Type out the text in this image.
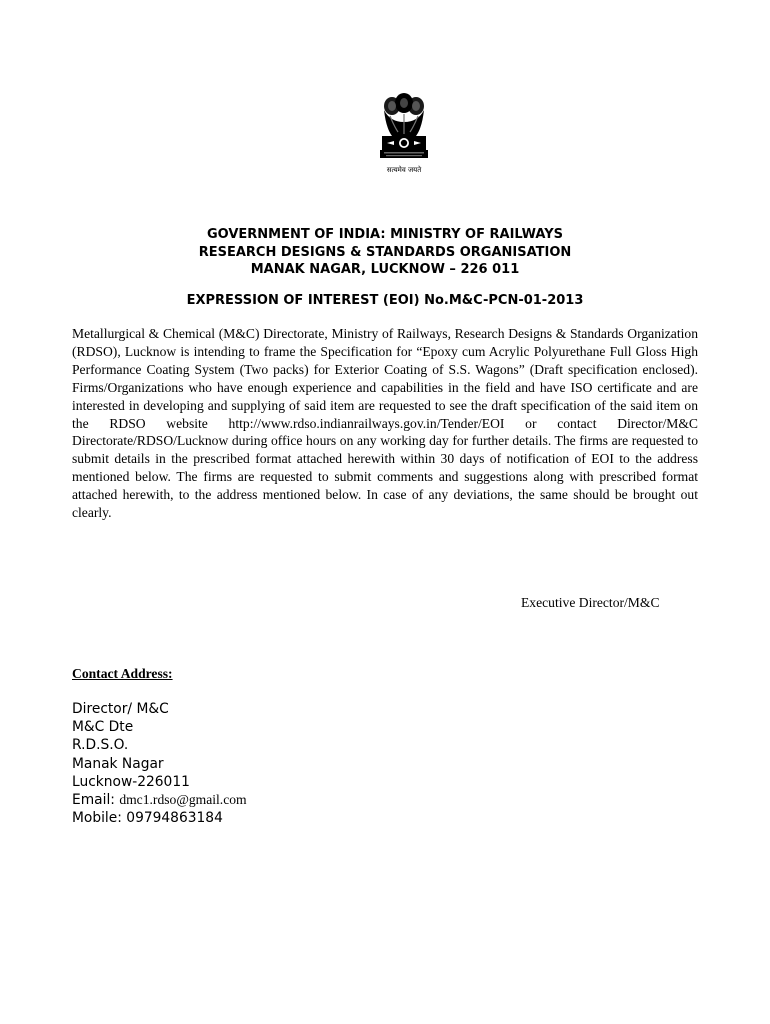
सत्यमेव जयते
GOVERNMENT OF INDIA: MINISTRY OF RAILWAYS
RESEARCH DESIGNS & STANDARDS ORGANISATION
MANAK NAGAR, LUCKNOW – 226 011
EXPRESSION OF INTEREST (EOI) No.M&C-PCN-01-2013

Metallurgical & Chemical (M&C) Directorate, Ministry of Railways, Research Designs & Standards Organization (RDSO), Lucknow is intending to frame the Specification for “Epoxy cum Acrylic Polyurethane Full Gloss High Performance Coating System (Two packs) for Exterior Coating of S.S. Wagons” (Draft specification enclosed). Firms/Organizations who have enough experience and capabilities in the field and have ISO certificate and are interested in developing and supplying of said item are requested to see the draft specification of the said item on the RDSO website http://www.rdso.indianrailways.gov.in/Tender/EOI or contact Director/M&C Directorate/RDSO/Lucknow during office hours on any working day for further details. The firms are requested to submit details in the prescribed format attached herewith within 30 days of notification of EOI to the address mentioned below. The firms are requested to submit comments and suggestions along with prescribed format attached herewith, to the address mentioned below. In case of any deviations, the same should be brought out clearly.

Executive Director/M&C
Contact Address:
Director/ M&C
M&C Dte
R.D.S.O.
Manak Nagar
Lucknow-226011
Email: dmc1.rdso@gmail.com
Mobile: 09794863184
